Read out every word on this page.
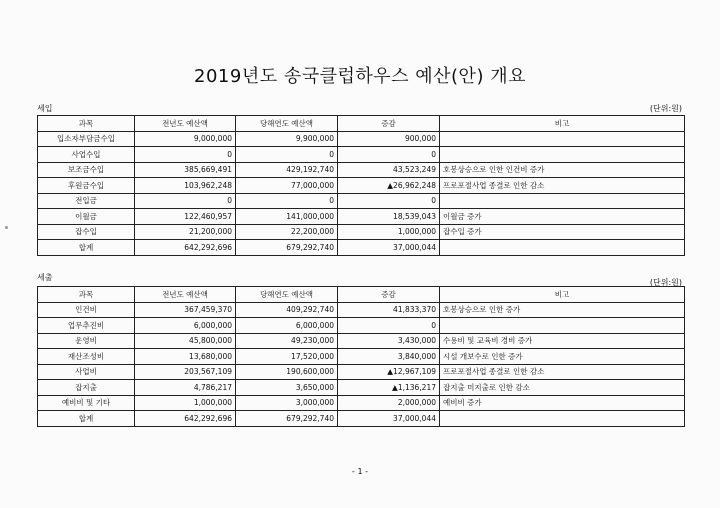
2019년도 송국클럽하우스 예산(안) 개요
세입	(단위:원)
과목	전년도 예산액	당해연도 예산액	증감	비고
입소자부담금수입	9,000,000	9,900,000	900,000	
사업수입	0	0	0	
보조금수입	385,669,491	429,192,740	43,523,249	호봉상승으로 인한 인건비 증가
후원금수입	103,962,248	77,000,000	▲26,962,248	프로포절사업 종결로 인한 감소
전입금	0	0	0	
이월금	122,460,957	141,000,000	18,539,043	이월금 증가
잡수입	21,200,000	22,200,000	1,000,000	잡수입 증가
합계	642,292,696	679,292,740	37,000,044	
세출
(단위:원)
과목	전년도 예산액	당해연도 예산액	증감	비고
인건비	367,459,370	409,292,740	41,833,370	호봉상승으로 인한 증가
업무추진비	6,000,000	6,000,000	0	
운영비	45,800,000	49,230,000	3,430,000	수용비 및 교육비 경비 증가
재산조성비	13,680,000	17,520,000	3,840,000	시설 개보수로 인한 증가
사업비	203,567,109	190,600,000	▲12,967,109	프로포절사업 종결로 인한 감소
잡지출	4,786,217	3,650,000	▲1,136,217	잡지출 미지출로 인한 감소
예비비 및 기타	1,000,000	3,000,000	2,000,000	예비비 증가
합계	642,292,696	679,292,740	37,000,044	
- 1 -
